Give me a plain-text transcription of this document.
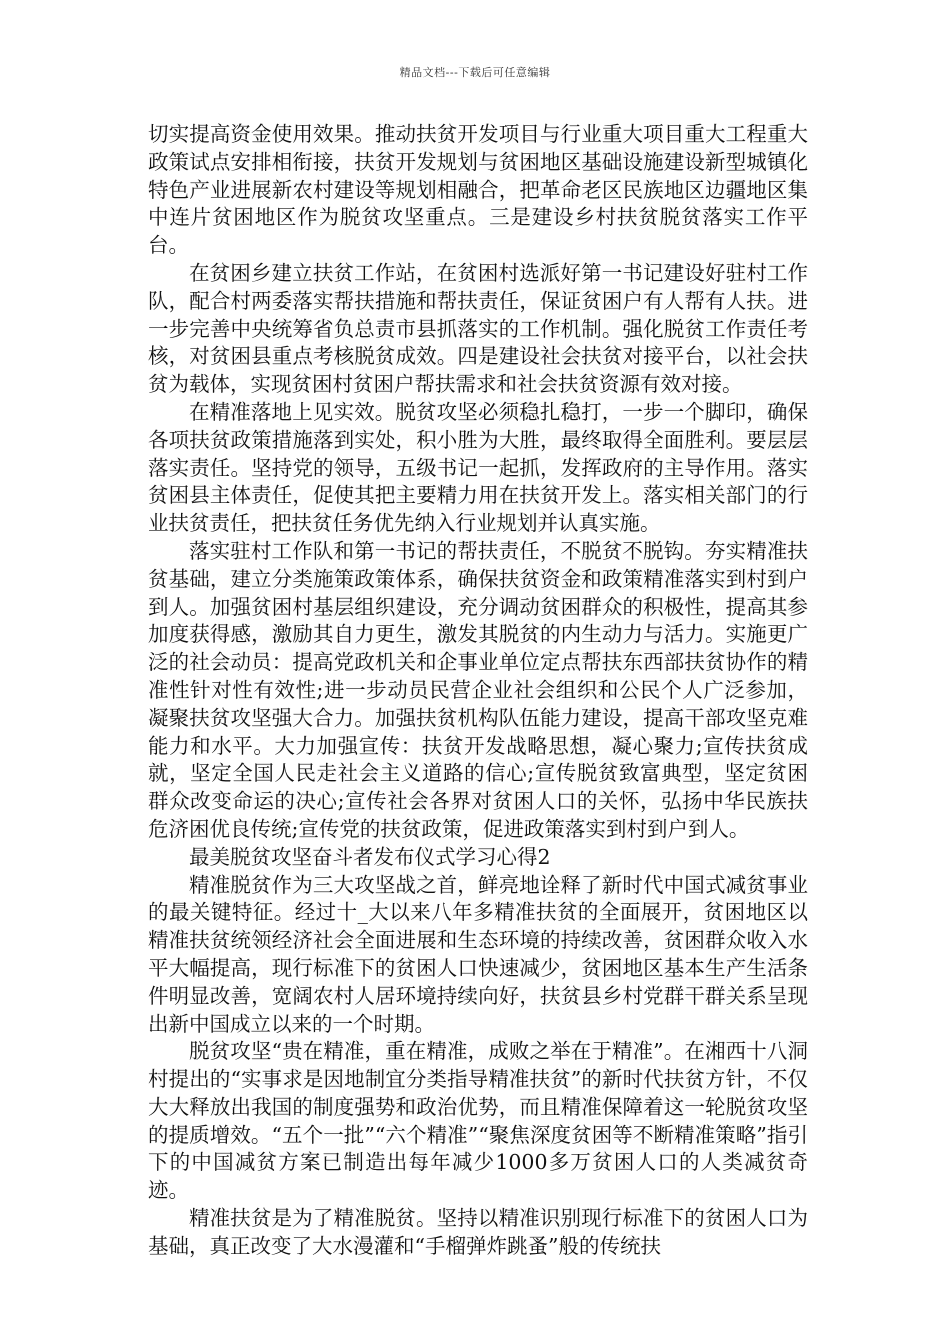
精品文档---下载后可任意编辑

切实提高资金使用效果。推动扶贫开发项目与行业重大项目重大工程重大政策试点安排相衔接，扶贫开发规划与贫困地区基础设施建设新型城镇化特色产业进展新农村建设等规划相融合，把革命老区民族地区边疆地区集中连片贫困地区作为脱贫攻坚重点。三是建设乡村扶贫脱贫落实工作平台。

在贫困乡建立扶贫工作站，在贫困村选派好第一书记建设好驻村工作队，配合村两委落实帮扶措施和帮扶责任，保证贫困户有人帮有人扶。进一步完善中央统筹省负总责市县抓落实的工作机制。强化脱贫工作责任考核，对贫困县重点考核脱贫成效。四是建设社会扶贫对接平台，以社会扶贫为载体，实现贫困村贫困户帮扶需求和社会扶贫资源有效对接。

在精准落地上见实效。脱贫攻坚必须稳扎稳打，一步一个脚印，确保各项扶贫政策措施落到实处，积小胜为大胜，最终取得全面胜利。要层层落实责任。坚持党的领导，五级书记一起抓，发挥政府的主导作用。落实贫困县主体责任，促使其把主要精力用在扶贫开发上。落实相关部门的行业扶贫责任，把扶贫任务优先纳入行业规划并认真实施。

落实驻村工作队和第一书记的帮扶责任，不脱贫不脱钩。夯实精准扶贫基础，建立分类施策政策体系，确保扶贫资金和政策精准落实到村到户到人。加强贫困村基层组织建设，充分调动贫困群众的积极性，提高其参加度获得感，激励其自力更生，激发其脱贫的内生动力与活力。实施更广泛的社会动员：提高党政机关和企事业单位定点帮扶东西部扶贫协作的精准性针对性有效性;进一步动员民营企业社会组织和公民个人广泛参加，凝聚扶贫攻坚强大合力。加强扶贫机构队伍能力建设，提高干部攻坚克难能力和水平。大力加强宣传：扶贫开发战略思想，凝心聚力;宣传扶贫成就，坚定全国人民走社会主义道路的信心;宣传脱贫致富典型，坚定贫困群众改变命运的决心;宣传社会各界对贫困人口的关怀，弘扬中华民族扶危济困优良传统;宣传党的扶贫政策，促进政策落实到村到户到人。

最美脱贫攻坚奋斗者发布仪式学习心得2

精准脱贫作为三大攻坚战之首，鲜亮地诠释了新时代中国式减贫事业的最关键特征。经过十_大以来八年多精准扶贫的全面展开，贫困地区以精准扶贫统领经济社会全面进展和生态环境的持续改善，贫困群众收入水平大幅提高，现行标准下的贫困人口快速减少，贫困地区基本生产生活条件明显改善，宽阔农村人居环境持续向好，扶贫县乡村党群干群关系呈现出新中国成立以来的一个时期。

脱贫攻坚“贵在精准，重在精准，成败之举在于精准”。在湘西十八洞村提出的“实事求是因地制宜分类指导精准扶贫”的新时代扶贫方针，不仅大大释放出我国的制度强势和政治优势，而且精准保障着这一轮脱贫攻坚的提质增效。“五个一批”“六个精准”“聚焦深度贫困等不断精准策略”指引下的中国减贫方案已制造出每年减少1000多万贫困人口的人类减贫奇迹。

精准扶贫是为了精准脱贫。坚持以精准识别现行标准下的贫困人口为基础，真正改变了大水漫灌和“手榴弹炸跳蚤”般的传统扶
